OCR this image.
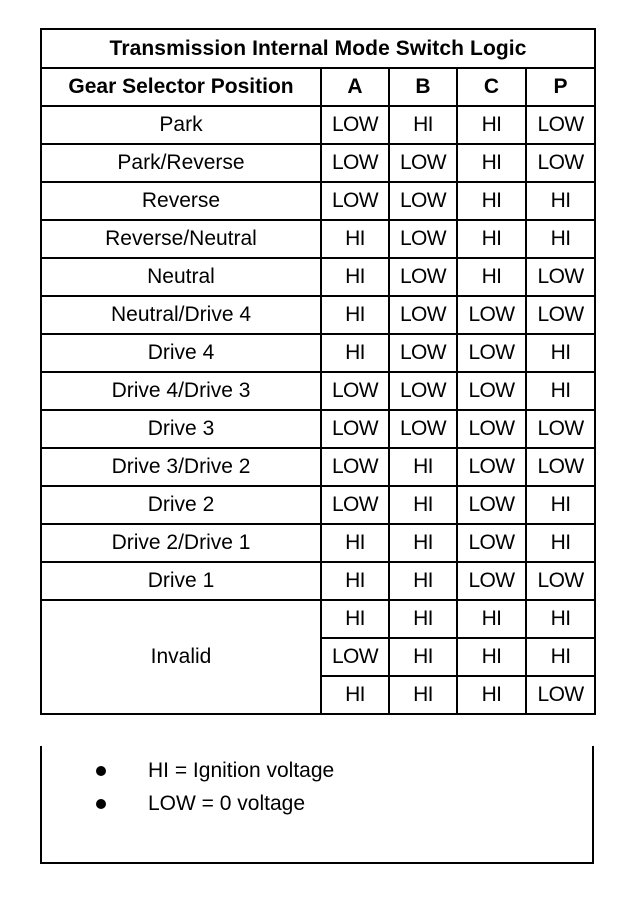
Transmission Internal Mode Switch Logic				
Gear Selector Position	A	B	C	P
Park	LOW	HI	HI	LOW
Park/Reverse	LOW	LOW	HI	LOW
Reverse	LOW	LOW	HI	HI
Reverse/Neutral	HI	LOW	HI	HI
Neutral	HI	LOW	HI	LOW
Neutral/Drive 4	HI	LOW	LOW	LOW
Drive 4	HI	LOW	LOW	HI
Drive 4/Drive 3	LOW	LOW	LOW	HI
Drive 3	LOW	LOW	LOW	LOW
Drive 3/Drive 2	LOW	HI	LOW	LOW
Drive 2	LOW	HI	LOW	HI
Drive 2/Drive 1	HI	HI	LOW	HI
Drive 1	HI	HI	LOW	LOW
Invalid	HI	HI	HI	HI
	LOW	HI	HI	HI
	HI	HI	HI	LOW
HI = Ignition voltage
LOW = 0 voltage
